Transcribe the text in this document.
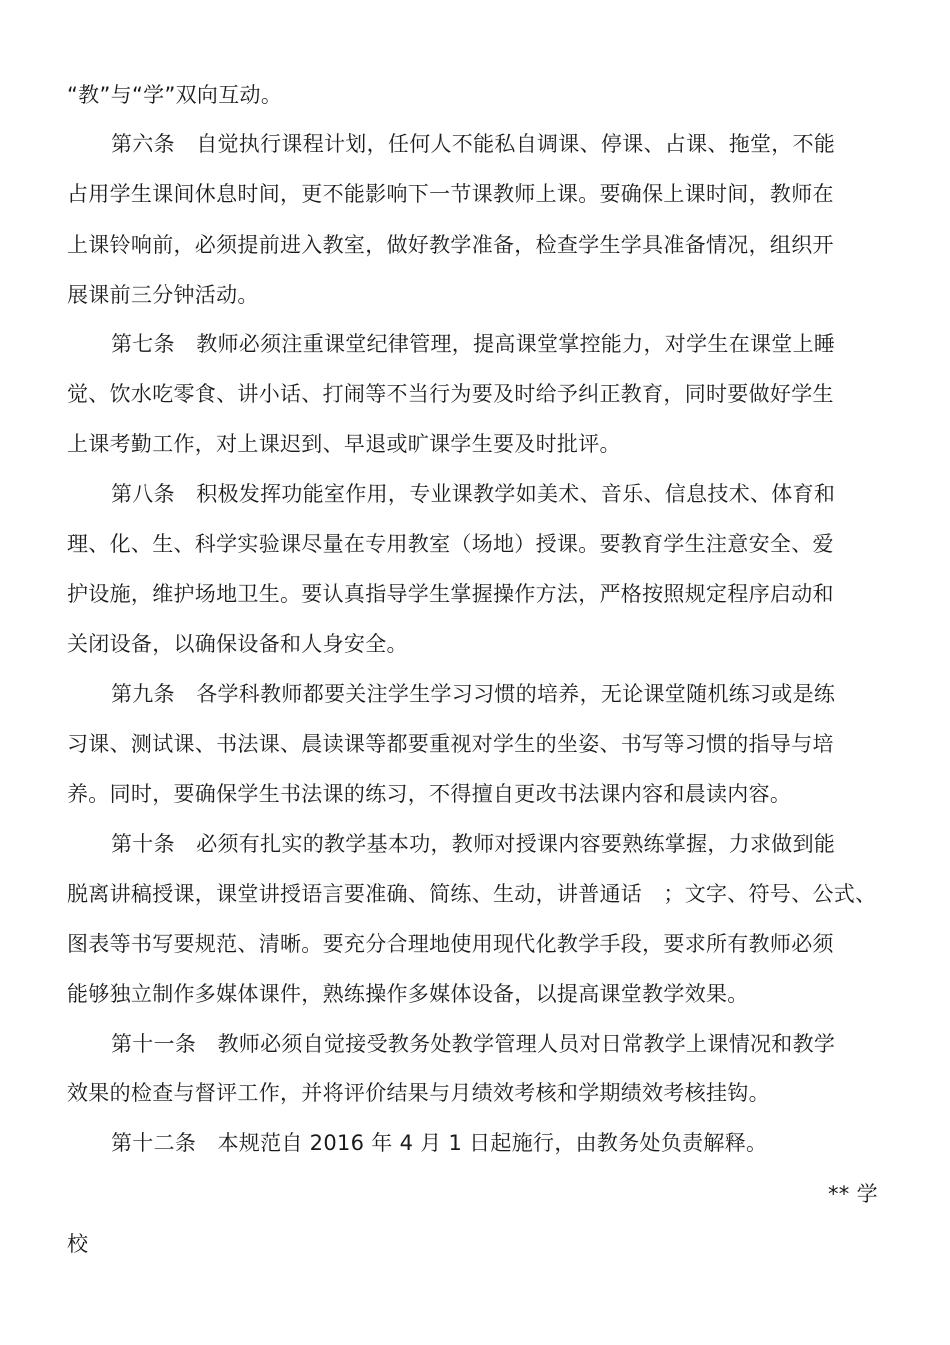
“教”与“学”双向互动。
第六条　自觉执行课程计划，任何人不能私自调课、停课、占课、拖堂，不能
占用学生课间休息时间，更不能影响下一节课教师上课。要确保上课时间，教师在
上课铃响前，必须提前进入教室，做好教学准备，检查学生学具准备情况，组织开
展课前三分钟活动。
第七条　教师必须注重课堂纪律管理，提高课堂掌控能力，对学生在课堂上睡
觉、饮水吃零食、讲小话、打闹等不当行为要及时给予纠正教育，同时要做好学生
上课考勤工作，对上课迟到、早退或旷课学生要及时批评。
第八条　积极发挥功能室作用，专业课教学如美术、音乐、信息技术、体育和
理、化、生、科学实验课尽量在专用教室（场地）授课。要教育学生注意安全、爱
护设施，维护场地卫生。要认真指导学生掌握操作方法，严格按照规定程序启动和
关闭设备，以确保设备和人身安全。
第九条　各学科教师都要关注学生学习习惯的培养，无论课堂随机练习或是练
习课、测试课、书法课、晨读课等都要重视对学生的坐姿、书写等习惯的指导与培
养。同时，要确保学生书法课的练习，不得擅自更改书法课内容和晨读内容。
第十条　必须有扎实的教学基本功，教师对授课内容要熟练掌握，力求做到能
脱离讲稿授课，课堂讲授语言要准确、简练、生动，讲普通话　；文字、符号、公式、
图表等书写要规范、清晰。要充分合理地使用现代化教学手段，要求所有教师必须
能够独立制作多媒体课件，熟练操作多媒体设备，以提高课堂教学效果。
第十一条　教师必须自觉接受教务处教学管理人员对日常教学上课情况和教学
效果的检查与督评工作，并将评价结果与月绩效考核和学期绩效考核挂钩。
第十二条　本规范自 2016 年 4 月 1 日起施行，由教务处负责解释。
** 学
校
